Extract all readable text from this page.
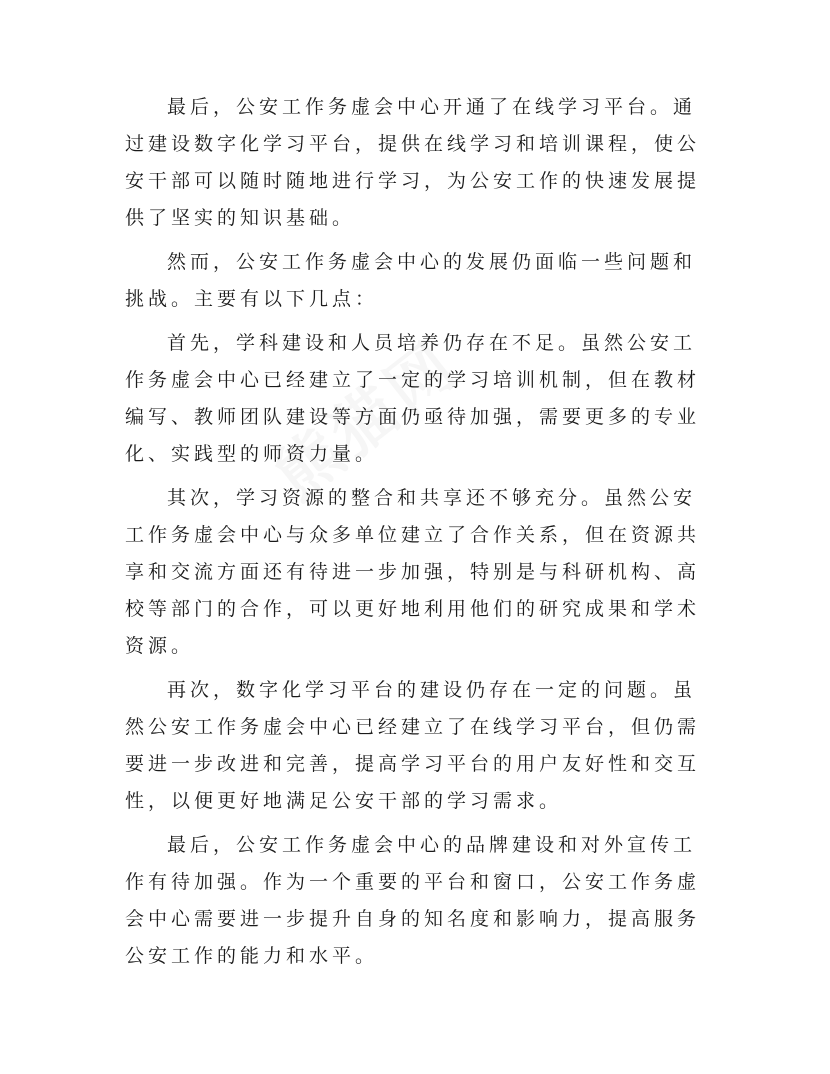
最后，公安工作务虚会中心开通了在线学习平台。通过建设数字化学习平台，提供在线学习和培训课程，使公安干部可以随时随地进行学习，为公安工作的快速发展提供了坚实的知识基础。

然而，公安工作务虚会中心的发展仍面临一些问题和挑战。主要有以下几点：

首先，学科建设和人员培养仍存在不足。虽然公安工作务虚会中心已经建立了一定的学习培训机制，但在教材编写、教师团队建设等方面仍亟待加强，需要更多的专业化、实践型的师资力量。

其次，学习资源的整合和共享还不够充分。虽然公安工作务虚会中心与众多单位建立了合作关系，但在资源共享和交流方面还有待进一步加强，特别是与科研机构、高校等部门的合作，可以更好地利用他们的研究成果和学术资源。

再次，数字化学习平台的建设仍存在一定的问题。虽然公安工作务虚会中心已经建立了在线学习平台，但仍需要进一步改进和完善，提高学习平台的用户友好性和交互性，以便更好地满足公安干部的学习需求。

最后，公安工作务虚会中心的品牌建设和对外宣传工作有待加强。作为一个重要的平台和窗口，公安工作务虚会中心需要进一步提升自身的知名度和影响力，提高服务公安工作的能力和水平。
